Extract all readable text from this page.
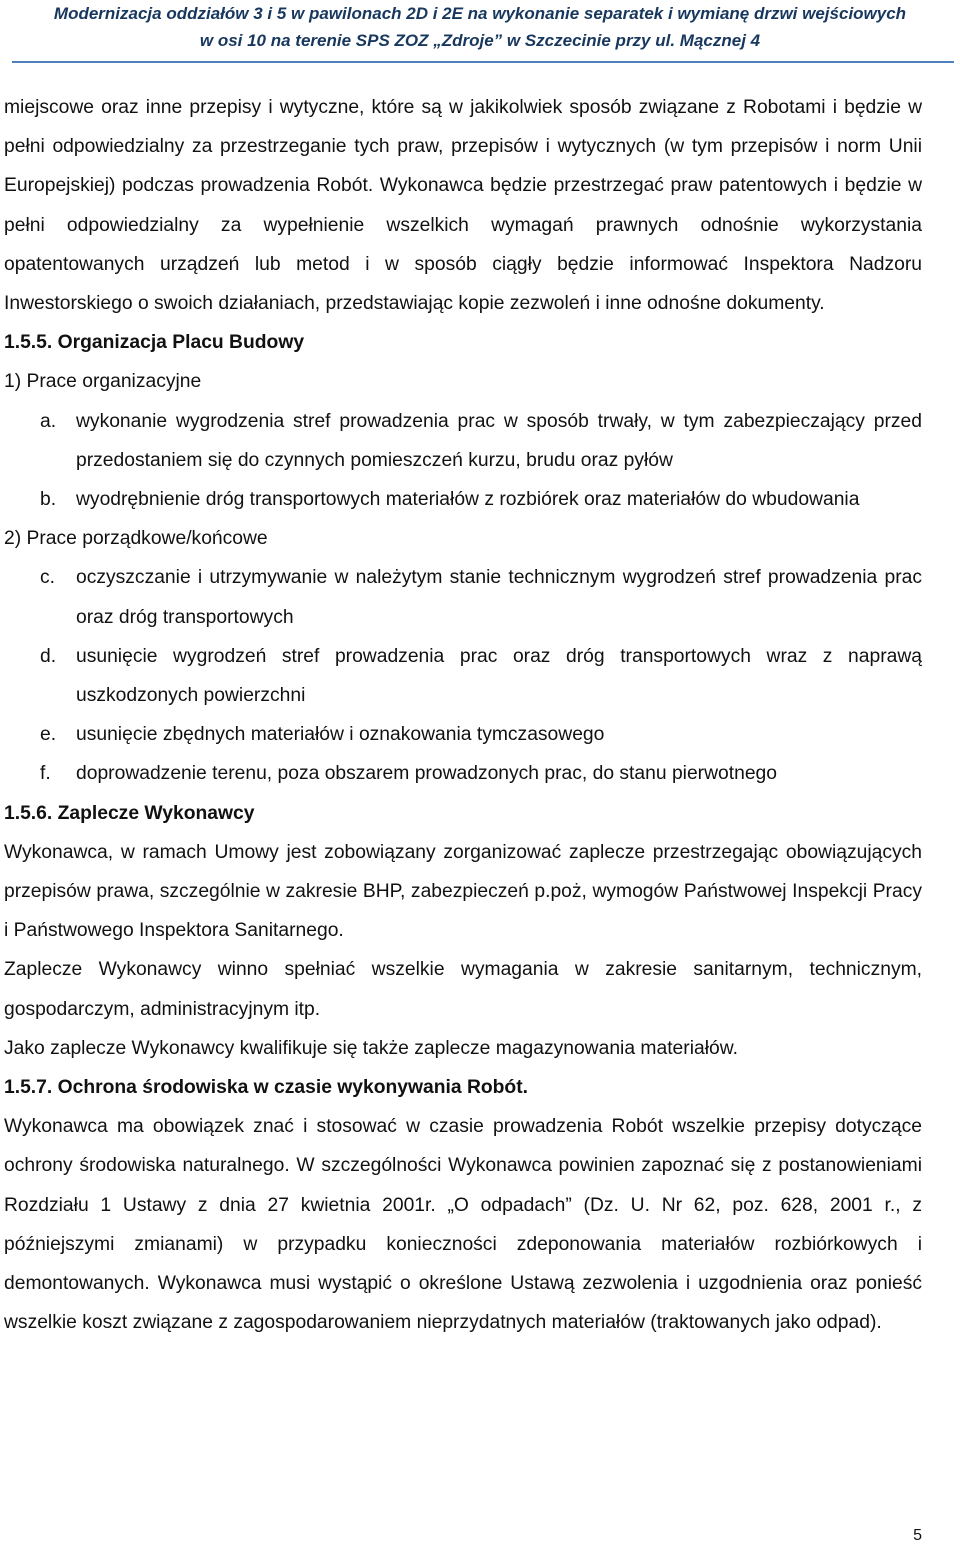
Modernizacja oddziałów 3 i 5 w pawilonach 2D i 2E na wykonanie separatek i wymianę drzwi wejściowych
w osi 10 na terenie SPS ZOZ „Zdroje” w Szczecinie przy ul. Mącznej 4

miejscowe oraz inne przepisy i wytyczne, które są w jakikolwiek sposób związane z Robotami i będzie w pełni odpowiedzialny za przestrzeganie tych praw, przepisów i wytycznych (w tym przepisów i norm Unii Europejskiej) podczas prowadzenia Robót. Wykonawca będzie przestrzegać praw patentowych i będzie w pełni odpowiedzialny za wypełnienie wszelkich wymagań prawnych odnośnie wykorzystania opatentowanych urządzeń lub metod i w sposób ciągły będzie informować Inspektora Nadzoru Inwestorskiego o swoich działaniach, przedstawiając kopie zezwoleń i inne odnośne dokumenty.

1.5.5. Organizacja Placu Budowy

1) Prace organizacyjne

a.	wykonanie wygrodzenia stref prowadzenia prac w sposób trwały, w tym zabezpieczający przed przedostaniem się do czynnych pomieszczeń kurzu, brudu oraz pyłów
b.	wyodrębnienie dróg transportowych materiałów z rozbiórek oraz materiałów do wbudowania

2) Prace porządkowe/końcowe

c.	oczyszczanie i utrzymywanie w należytym stanie technicznym wygrodzeń stref prowadzenia prac oraz dróg transportowych
d.	usunięcie wygrodzeń stref prowadzenia prac oraz dróg transportowych wraz z naprawą uszkodzonych powierzchni
e.	usunięcie zbędnych materiałów i oznakowania tymczasowego
f.	doprowadzenie terenu, poza obszarem prowadzonych prac, do stanu pierwotnego

1.5.6. Zaplecze Wykonawcy

Wykonawca, w ramach Umowy jest zobowiązany zorganizować zaplecze przestrzegając obowiązujących przepisów prawa, szczególnie w zakresie BHP, zabezpieczeń p.poż, wymogów Państwowej Inspekcji Pracy i Państwowego Inspektora Sanitarnego.

Zaplecze Wykonawcy winno spełniać wszelkie wymagania w zakresie sanitarnym, technicznym, gospodarczym, administracyjnym itp.

Jako zaplecze Wykonawcy kwalifikuje się także zaplecze magazynowania materiałów.

1.5.7. Ochrona środowiska w czasie wykonywania Robót.

Wykonawca ma obowiązek znać i stosować w czasie prowadzenia Robót wszelkie przepisy dotyczące ochrony środowiska naturalnego. W szczególności Wykonawca powinien zapoznać się z postanowieniami Rozdziału 1 Ustawy z dnia 27 kwietnia 2001r. „O odpadach” (Dz. U. Nr 62, poz. 628, 2001 r., z późniejszymi zmianami) w przypadku konieczności zdeponowania materiałów rozbiórkowych i demontowanych. Wykonawca musi wystąpić o określone Ustawą zezwolenia i uzgodnienia oraz ponieść wszelkie koszt związane z zagospodarowaniem nieprzydatnych materiałów (traktowanych jako odpad).

5
